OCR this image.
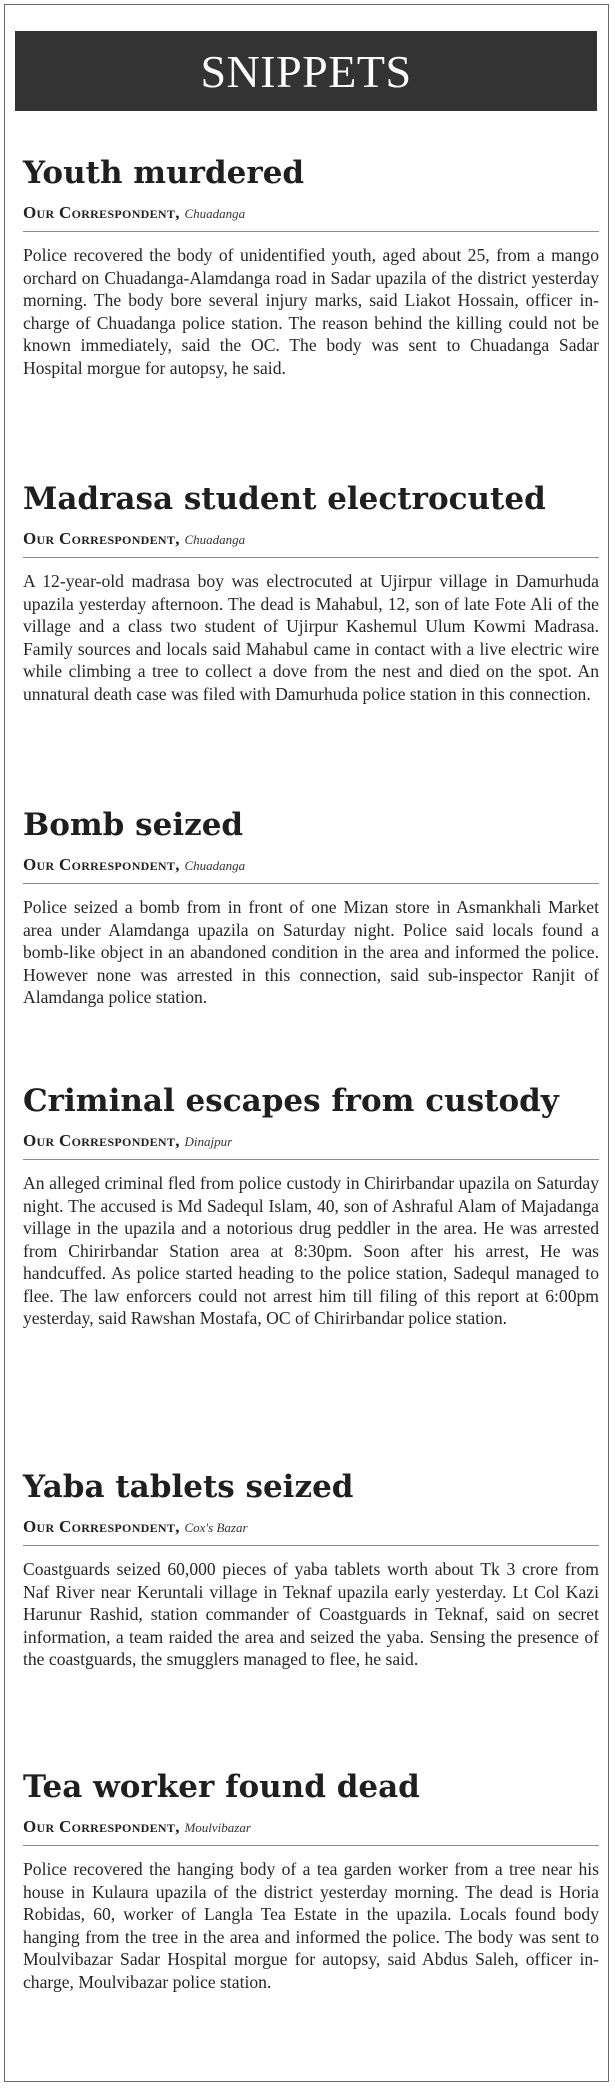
SNIPPETS
Youth murdered
Our Correspondent, Chuadanga

Police recovered the body of unidentified youth, aged about 25, from a mango orchard on Chuadanga-Alamdanga road in Sadar upazila of the district yesterday morning. The body bore several injury marks, said Liakot Hossain, officer in-charge of Chuadanga police station. The reason behind the killing could not be known immediately, said the OC. The body was sent to Chuadanga Sadar Hospital morgue for autopsy, he said.

Madrasa student electrocuted
Our Correspondent, Chuadanga

A 12-year-old madrasa boy was electrocuted at Ujirpur village in Damurhuda upazila yesterday afternoon. The dead is Mahabul, 12, son of late Fote Ali of the village and a class two student of Ujirpur Kashemul Ulum Kowmi Madrasa. Family sources and locals said Mahabul came in contact with a live electric wire while climbing a tree to collect a dove from the nest and died on the spot. An unnatural death case was filed with Damurhuda police station in this connection.

Bomb seized
Our Correspondent, Chuadanga

Police seized a bomb from in front of one Mizan store in Asmankhali Market area under Alamdanga upazila on Saturday night. Police said locals found a bomb-like object in an abandoned condition in the area and informed the police. However none was arrested in this connection, said sub-inspector Ranjit of Alamdanga police station.

Criminal escapes from custody
Our Correspondent, Dinajpur

An alleged criminal fled from police custody in Chirirbandar upazila on Saturday night. The accused is Md Sadequl Islam, 40, son of Ashraful Alam of Majadanga village in the upazila and a notorious drug peddler in the area. He was arrested from Chirirbandar Station area at 8:30pm. Soon after his arrest, He was handcuffed. As police started heading to the police station, Sadequl managed to flee. The law enforcers could not arrest him till filing of this report at 6:00pm yesterday, said Rawshan Mostafa, OC of Chirirbandar police station.

Yaba tablets seized
Our Correspondent, Cox's Bazar

Coastguards seized 60,000 pieces of yaba tablets worth about Tk 3 crore from Naf River near Keruntali village in Teknaf upazila early yesterday. Lt Col Kazi Harunur Rashid, station commander of Coastguards in Teknaf, said on secret information, a team raided the area and seized the yaba. Sensing the presence of the coastguards, the smugglers managed to flee, he said.

Tea worker found dead
Our Correspondent, Moulvibazar

Police recovered the hanging body of a tea garden worker from a tree near his house in Kulaura upazila of the district yesterday morning. The dead is Horia Robidas, 60, worker of Langla Tea Estate in the upazila. Locals found body hanging from the tree in the area and informed the police. The body was sent to Moulvibazar Sadar Hospital morgue for autopsy, said Abdus Saleh, officer in-charge, Moulvibazar police station.
